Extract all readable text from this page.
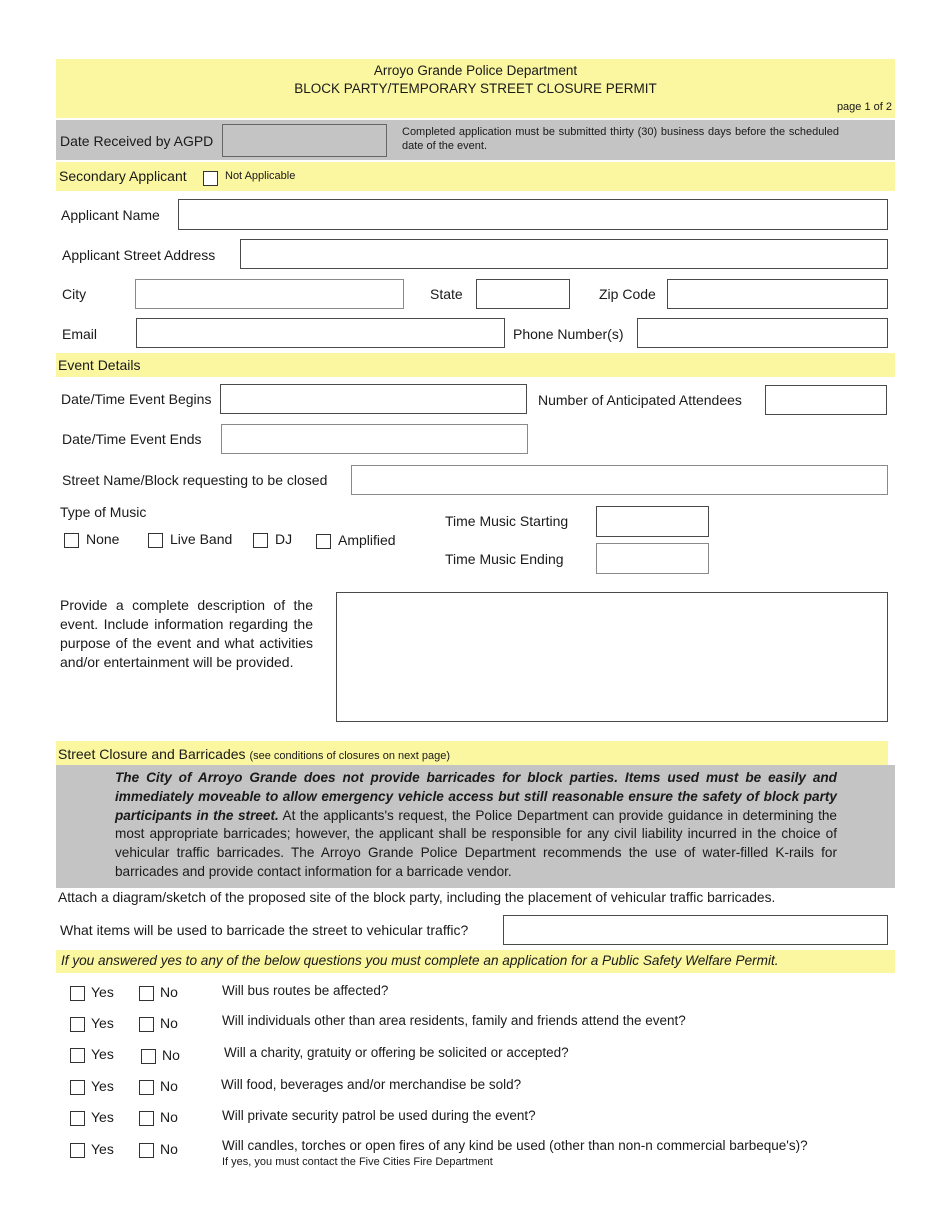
Arroyo Grande Police Department
BLOCK PARTY/TEMPORARY STREET CLOSURE PERMIT
page 1 of 2
Date Received by AGPD
Completed application must be submitted thirty (30) business days before the scheduled date of the event.
Secondary Applicant	Not Applicable
Applicant Name
Applicant Street Address
City	State	Zip Code
Email	Phone Number(s)
Event Details
Date/Time Event Begins	Number of Anticipated Attendees
Date/Time Event Ends
Street Name/Block requesting to be closed
Type of Music
None	Live Band	DJ	Amplified
Time Music Starting
Time Music Ending
Provide a complete description of the event. Include information regarding the purpose of the event and what activities and/or entertainment will be provided.
Street Closure and Barricades (see conditions of closures on next page)

The City of Arroyo Grande does not provide barricades for block parties. Items used must be easily and immediately moveable to allow emergency vehicle access but still reasonable ensure the safety of block party participants in the street. At the applicants's request, the Police Department can provide guidance in determining the most appropriate barricades; however, the applicant shall be responsible for any civil liability incurred in the choice of vehicular traffic barricades. The Arroyo Grande Police Department recommends the use of water-filled K-rails for barricades and provide contact information for a barricade vendor.

Attach a diagram/sketch of the proposed site of the block party, including the placement of vehicular traffic barricades.
What items will be used to barricade the street to vehicular traffic?
If you answered yes to any of the below questions you must complete an application for a Public Safety Welfare Permit.
Yes	No	Will bus routes be affected?
Yes	No	Will individuals other than area residents, family and friends attend the event?
Yes	No	Will a charity, gratuity or offering be solicited or accepted?
Yes	No	Will food, beverages and/or merchandise be sold?
Yes	No	Will private security patrol be used during the event?
Yes	No	Will candles, torches or open fires of any kind be used (other than non-n commercial barbeque's)?
If yes, you must contact the Five Cities Fire Department
